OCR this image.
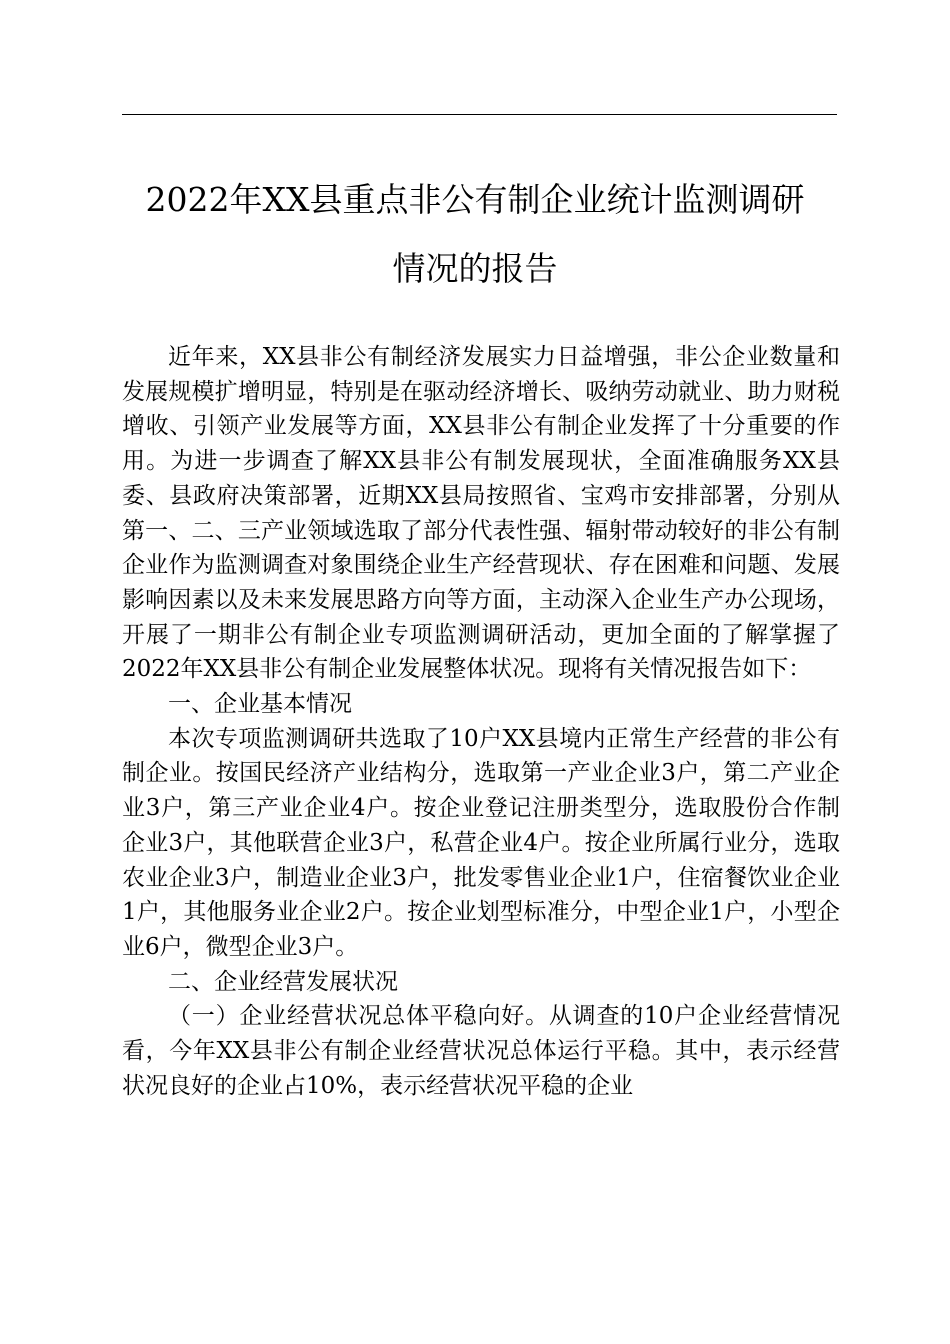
2022年XX县重点非公有制企业统计监测调研
情况的报告

近年来，XX县非公有制经济发展实力日益增强，非公企业数量和发展规模扩增明显，特别是在驱动经济增长、吸纳劳动就业、助力财税增收、引领产业发展等方面，XX县非公有制企业发挥了十分重要的作用。为进一步调查了解XX县非公有制发展现状，全面准确服务XX县委、县政府决策部署，近期XX县局按照省、宝鸡市安排部署，分别从第一、二、三产业领域选取了部分代表性强、辐射带动较好的非公有制企业作为监测调查对象围绕企业生产经营现状、存在困难和问题、发展影响因素以及未来发展思路方向等方面，主动深入企业生产办公现场，开展了一期非公有制企业专项监测调研活动，更加全面的了解掌握了2022年XX县非公有制企业发展整体状况。现将有关情况报告如下：

一、企业基本情况

本次专项监测调研共选取了10户XX县境内正常生产经营的非公有制企业。按国民经济产业结构分，选取第一产业企业3户，第二产业企业3户，第三产业企业4户。按企业登记注册类型分，选取股份合作制企业3户，其他联营企业3户，私营企业4户。按企业所属行业分，选取农业企业3户，制造业企业3户，批发零售业企业1户，住宿餐饮业企业1户，其他服务业企业2户。按企业划型标准分，中型企业1户，小型企业6户，微型企业3户。

二、企业经营发展状况

（一）企业经营状况总体平稳向好。从调查的10户企业经营情况看，今年XX县非公有制企业经营状况总体运行平稳。其中，表示经营状况良好的企业占10%，表示经营状况平稳的企业
